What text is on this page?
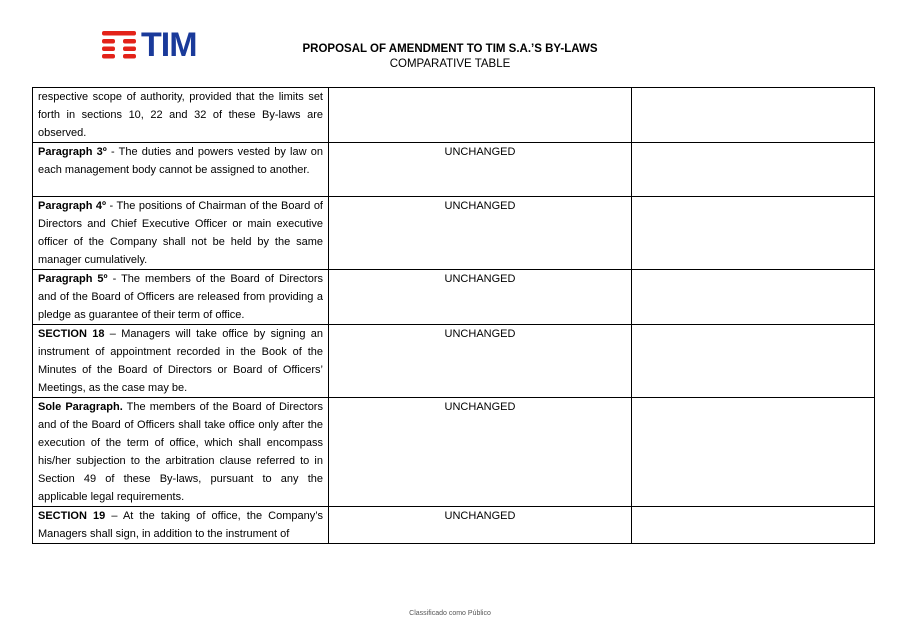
TIM	PROPOSAL OF AMENDMENT TO TIM S.A.’S BY-LAWS
COMPARATIVE TABLE
respective scope of authority, provided that the limits set forth in sections 10, 22 and 32 of these By-laws are observed.		

Paragraph 3º - The duties and powers vested by law on each management body cannot be assigned to another.	UNCHANGED	

Paragraph 4º - The positions of Chairman of the Board of Directors and Chief Executive Officer or main executive officer of the Company shall not be held by the same manager cumulatively.	UNCHANGED	

Paragraph 5º - The members of the Board of Directors and of the Board of Officers are released from providing a pledge as guarantee of their term of office.	UNCHANGED	

SECTION 18 – Managers will take office by signing an instrument of appointment recorded in the Book of the Minutes of the Board of Directors or Board of Officers’ Meetings, as the case may be.	UNCHANGED	

Sole Paragraph. The members of the Board of Directors and of the Board of Officers shall take office only after the execution of the term of office, which shall encompass his/her subjection to the arbitration clause referred to in Section 49 of these By-laws, pursuant to any the applicable legal requirements.	UNCHANGED	

SECTION 19 – At the taking of office, the Company’s Managers shall sign, in addition to the instrument of	UNCHANGED	

Classificado como Público
